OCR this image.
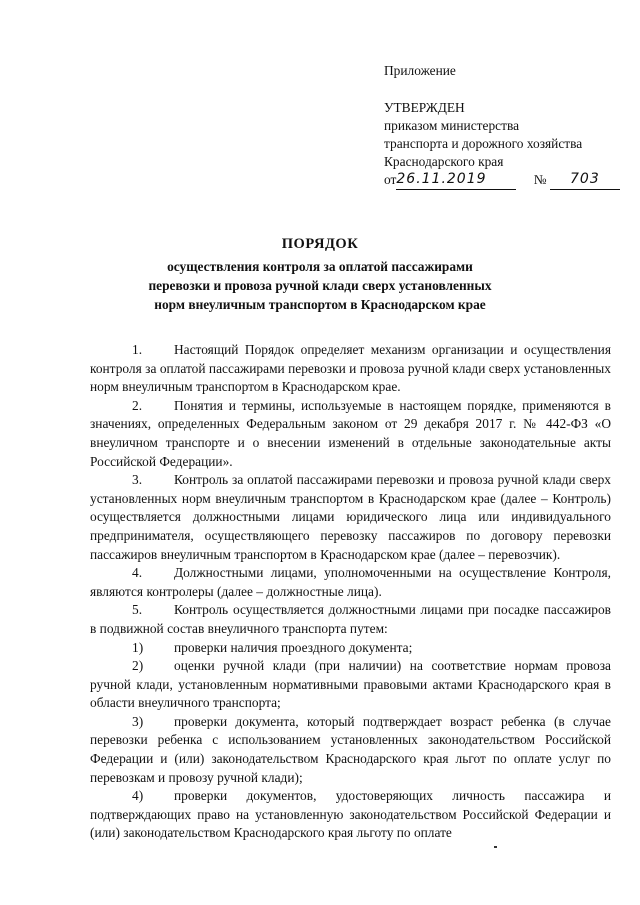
Приложение
УТВЕРЖДЕН
приказом министерства
транспорта и дорожного хозяйства
Краснодарского края
от26.11.2019	№ 703
ПОРЯДОК
осуществления контроля за оплатой пассажирами
перевозки и провоза ручной клади сверх установленных
норм внеуличным транспортом в Краснодарском крае

1. Настоящий Порядок определяет механизм организации и осуществления контроля за оплатой пассажирами перевозки и провоза ручной клади сверх установленных норм внеуличным транспортом в Краснодарском крае.

2. Понятия и термины, используемые в настоящем порядке, применяются в значениях, определенных Федеральным законом от 29 декабря 2017 г. № 442-ФЗ «О внеуличном транспорте и о внесении изменений в отдельные законодательные акты Российской Федерации».

3. Контроль за оплатой пассажирами перевозки и провоза ручной клади сверх установленных норм внеуличным транспортом в Краснодарском крае (далее – Контроль) осуществляется должностными лицами юридического лица или индивидуального предпринимателя, осуществляющего перевозку пассажиров по договору перевозки пассажиров внеуличным транспортом в Краснодарском крае (далее – перевозчик).

4. Должностными лицами, уполномоченными на осуществление Контроля, являются контролеры (далее – должностные лица).

5. Контроль осуществляется должностными лицами при посадке пассажиров в подвижной состав внеуличного транспорта путем:

1) проверки наличия проездного документа;

2) оценки ручной клади (при наличии) на соответствие нормам провоза ручной клади, установленным нормативными правовыми актами Краснодарского края в области внеуличного транспорта;

3) проверки документа, который подтверждает возраст ребенка (в случае перевозки ребенка с использованием установленных законодательством Российской Федерации и (или) законодательством Краснодарского края льгот по оплате услуг по перевозкам и провозу ручной клади);

4) проверки документов, удостоверяющих личность пассажира и подтверждающих право на установленную законодательством Российской Федерации и (или) законодательством Краснодарского края льготу по оплате
